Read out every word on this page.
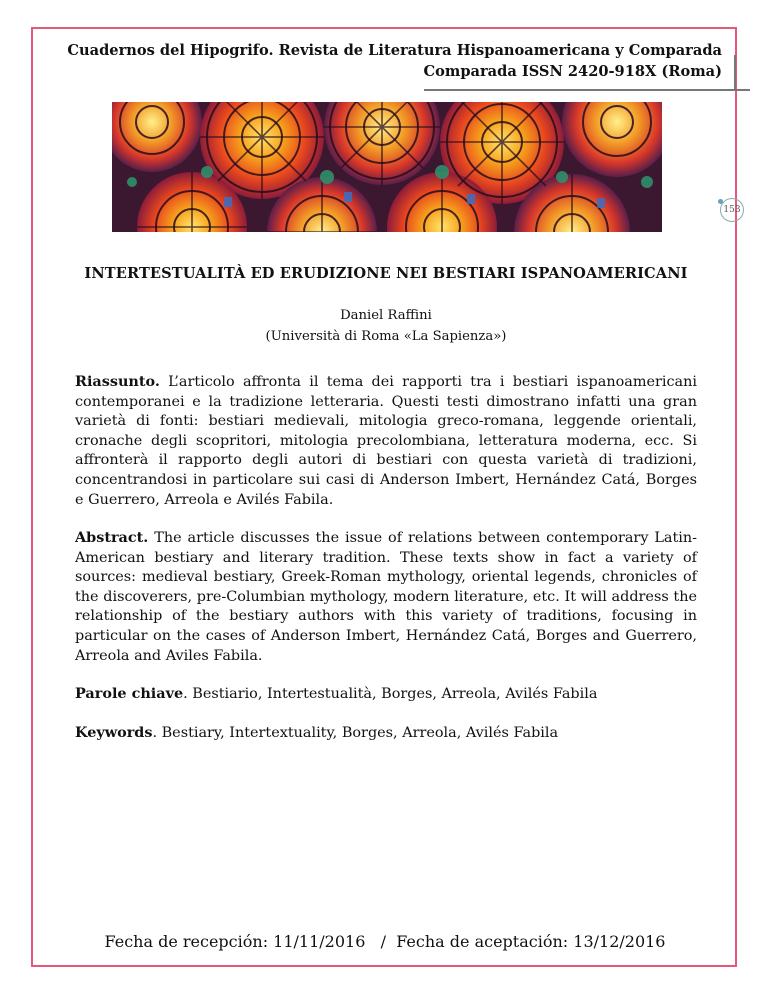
Cuadernos del Hipogrifo. Revista de Literatura Hispanoamericana y Comparada
Comparada ISSN 2420-918X (Roma)
153
INTERTESTUALITÀ ED ERUDIZIONE NEI BESTIARI ISPANOAMERICANI
Daniel Raffini
(Università di Roma «La Sapienza»)
Riassunto. L’articolo affronta il tema dei rapporti tra i bestiari ispanoamericani contemporanei e la tradizione letteraria. Questi testi dimostrano infatti una gran varietà di fonti: bestiari medievali, mitologia greco-romana, leggende orientali, cronache degli scopritori, mitologia precolombiana, letteratura moderna, ecc. Si affronterà il rapporto degli autori di bestiari con questa varietà di tradizioni, concentrandosi in particolare sui casi di Anderson Imbert, Hernández Catá, Borges e Guerrero, Arreola e Avilés Fabila.
Abstract. The article discusses the issue of relations between contemporary Latin-American bestiary and literary tradition. These texts show in fact a variety of sources: medieval bestiary, Greek-Roman mythology, oriental legends, chronicles of the discoverers, pre-Columbian mythology, modern literature, etc. It will address the relationship of the bestiary authors with this variety of traditions, focusing in particular on the cases of Anderson Imbert, Hernández Catá, Borges and Guerrero, Arreola and Aviles Fabila.
Parole chiave. Bestiario, Intertestualità, Borges, Arreola, Avilés Fabila
Keywords. Bestiary, Intertextuality, Borges, Arreola, Avilés Fabila
Fecha de recepción: 11/11/2016   /  Fecha de aceptación: 13/12/2016
